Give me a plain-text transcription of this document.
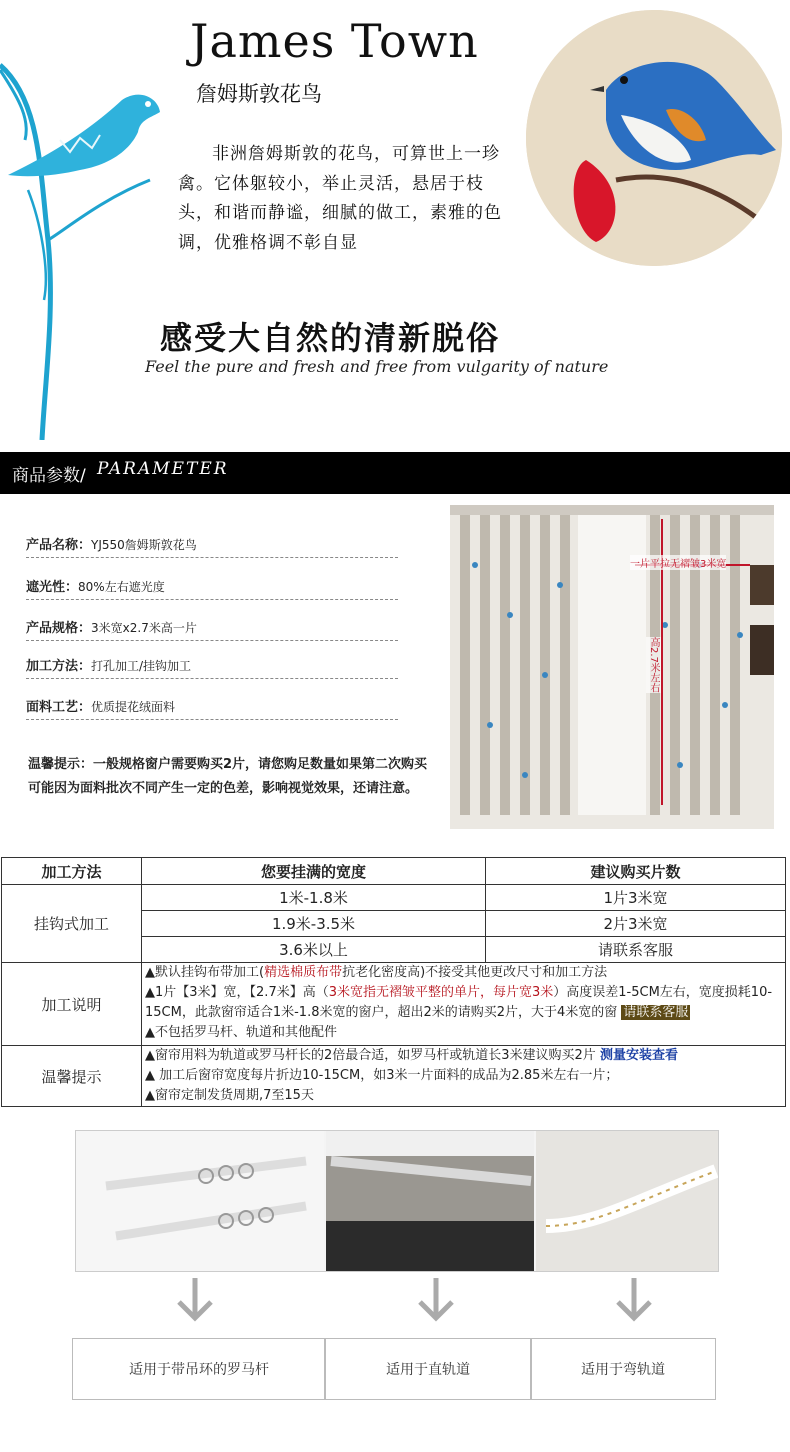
James Town
詹姆斯敦花鸟
非洲詹姆斯敦的花鸟，可算世上一珍禽。它体躯较小，举止灵活，悬居于枝头，和谐而静谧，细腻的做工，素雅的色调，优雅格调不彰自显
感受大自然的清新脱俗
Feel the pure and fresh and free from vulgarity of nature
商品参数/ PARAMETER
产品名称：YJ550詹姆斯敦花鸟
遮光性：80%左右遮光度
产品规格：3米宽x2.7米高一片
加工方法：打孔加工/挂钩加工
面料工艺：优质提花绒面料
温馨提示：一般规格窗户需要购买2片，请您购足数量如果第二次购买可能因为面料批次不同产生一定的色差，影响视觉效果，还请注意。
一片平拉无褶皱3米宽
高2.7米左右
加工方法	您要挂满的宽度	建议购买片数
挂钩式加工	1米-1.8米	1片3米宽
	1.9米-3.5米	2片3米宽
	3.6米以上	请联系客服
加工说明	▲默认挂钩布带加工(精选棉质布带抗老化密度高)不接受其他更改尺寸和加工方法
▲1片【3米】宽，【2.7米】高（3米宽指无褶皱平整的单片，每片宽3米）高度误差1-5CM左右，宽度损耗10-15CM，此款窗帘适合1米-1.8米宽的窗户，超出2米的请购买2片，大于4米宽的窗 请联系客服
▲不包括罗马杆、轨道和其他配件	

温馨提示	▲窗帘用料为轨道或罗马杆长的2倍最合适，如罗马杆或轨道长3米建议购买2片 测量安装查看
▲ 加工后窗帘宽度每片折边10-15CM，如3米一片面料的成品为2.85米左右一片；
▲窗帘定制发货周期,7至15天	
适用于带吊环的罗马杆	适用于直轨道	适用于弯轨道
